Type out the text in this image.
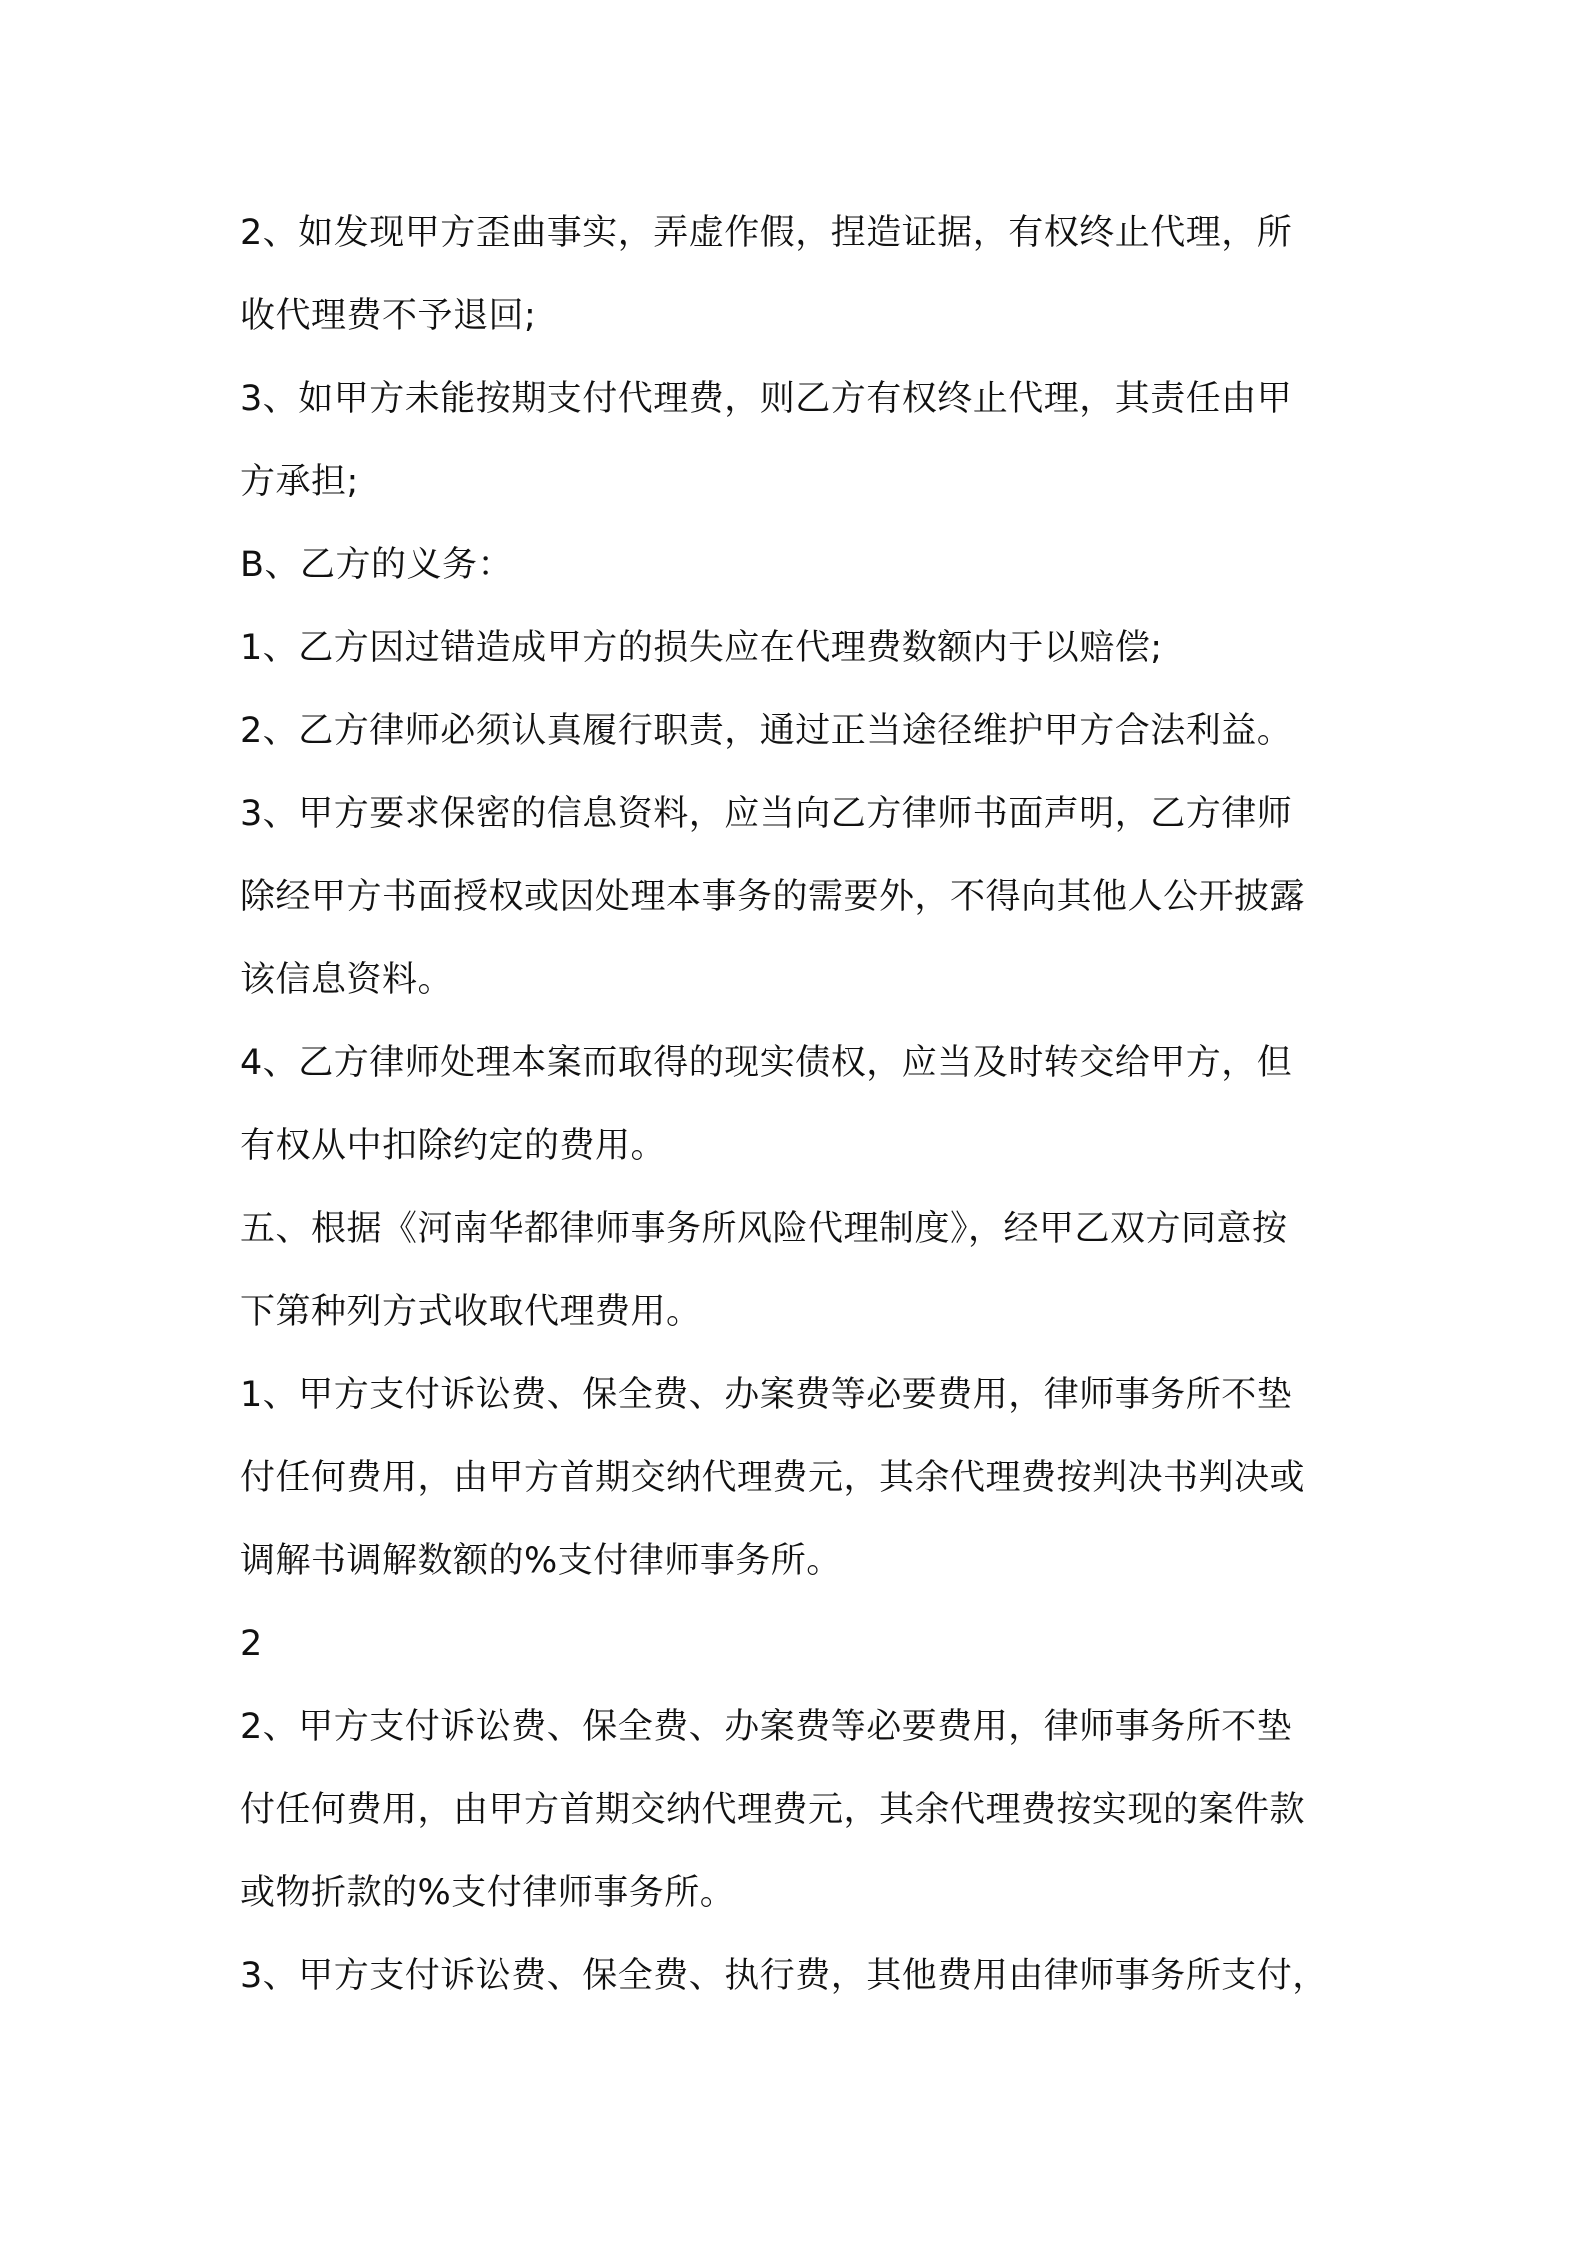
2、如发现甲方歪曲事实，弄虚作假，捏造证据，有权终止代理，所
收代理费不予退回;
3、如甲方未能按期支付代理费，则乙方有权终止代理，其责任由甲
方承担;
B、乙方的义务：
1、乙方因过错造成甲方的损失应在代理费数额内于以赔偿;
2、乙方律师必须认真履行职责，通过正当途径维护甲方合法利益。
3、甲方要求保密的信息资料，应当向乙方律师书面声明，乙方律师
除经甲方书面授权或因处理本事务的需要外，不得向其他人公开披露
该信息资料。
4、乙方律师处理本案而取得的现实债权，应当及时转交给甲方，但
有权从中扣除约定的费用。
五、根据《河南华都律师事务所风险代理制度》，经甲乙双方同意按
下第种列方式收取代理费用。
1、甲方支付诉讼费、保全费、办案费等必要费用，律师事务所不垫
付任何费用，由甲方首期交纳代理费元，其余代理费按判决书判决或
调解书调解数额的%支付律师事务所。
2
2、甲方支付诉讼费、保全费、办案费等必要费用，律师事务所不垫
付任何费用，由甲方首期交纳代理费元，其余代理费按实现的案件款
或物折款的%支付律师事务所。
3、甲方支付诉讼费、保全费、执行费，其他费用由律师事务所支付，
